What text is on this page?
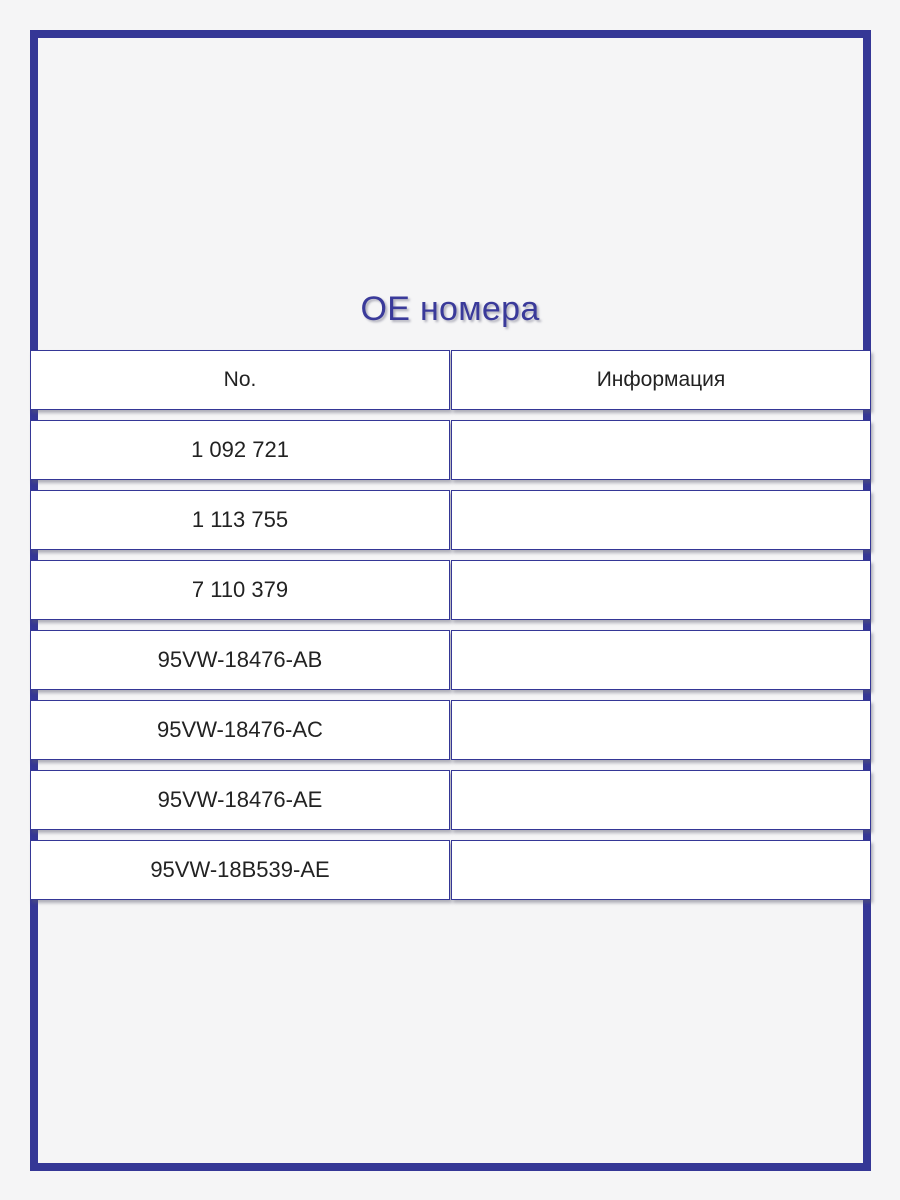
OE номера
No.	Информация
1 092 721
1 113 755
7 110 379
95VW-18476-AB
95VW-18476-AC
95VW-18476-AE
95VW-18B539-AE
